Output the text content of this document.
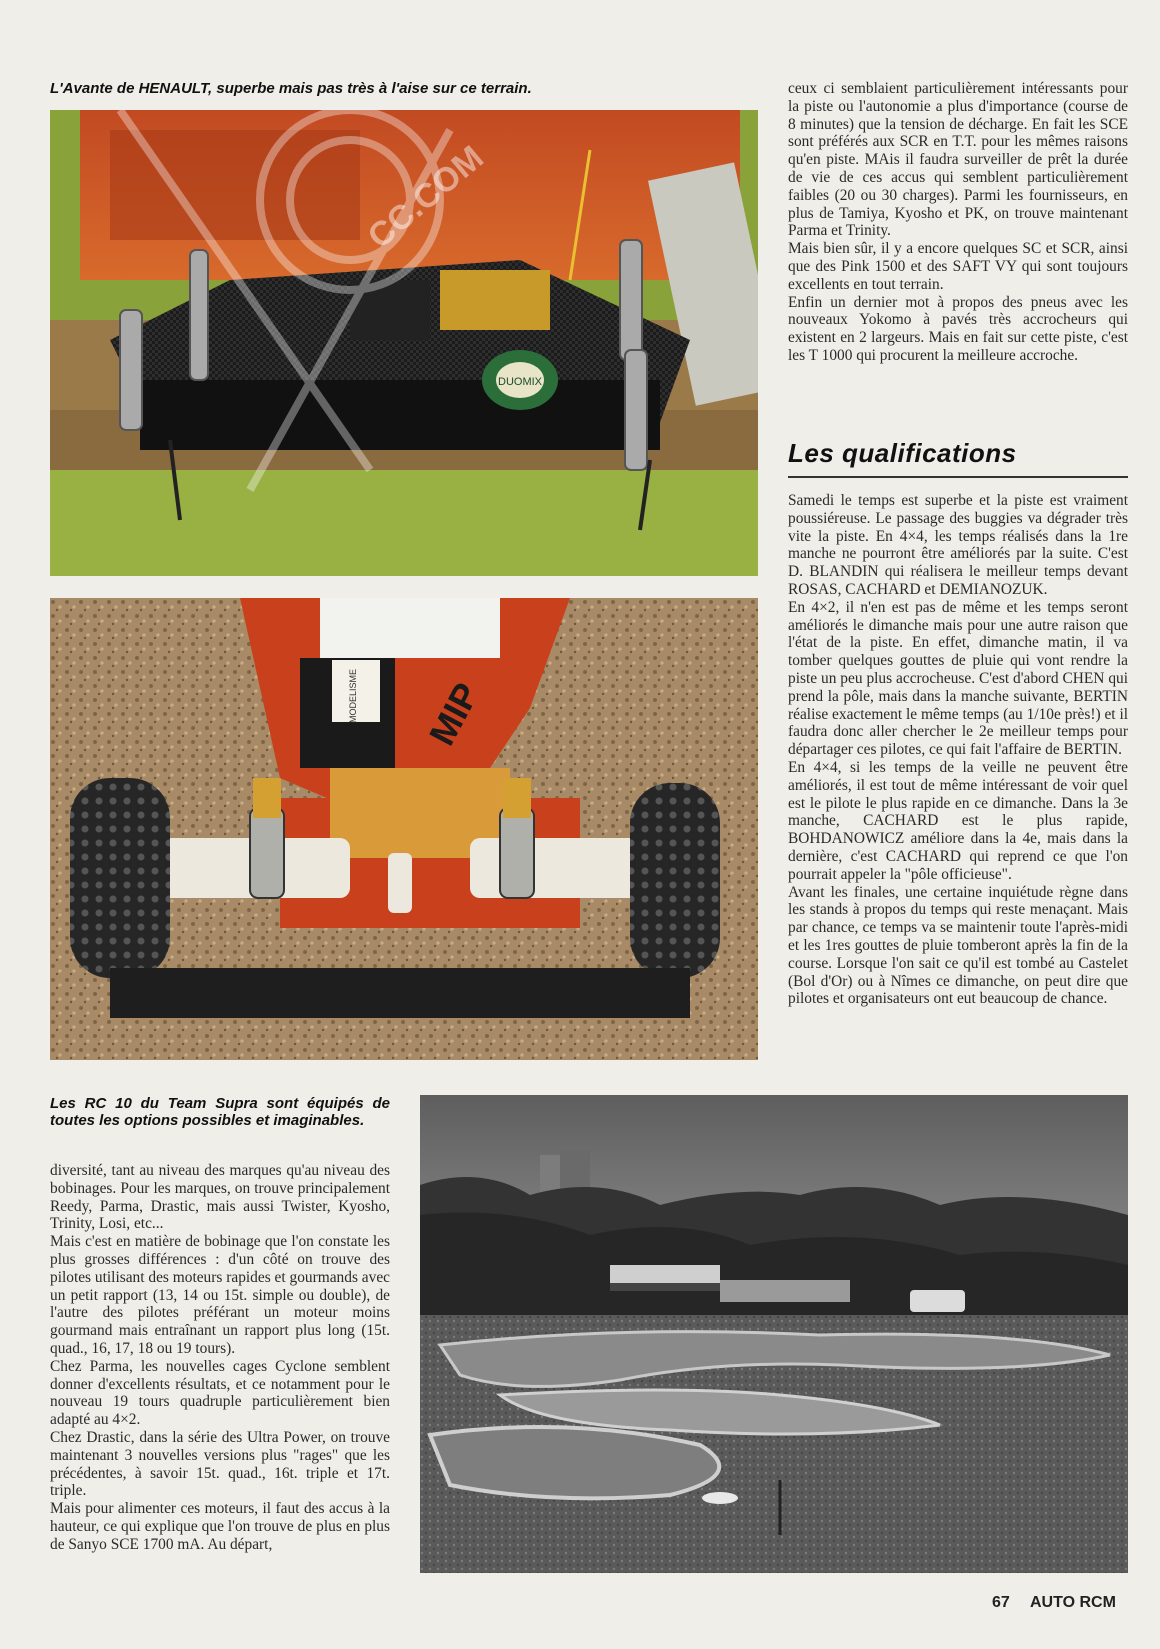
L'Avante de HENAULT, superbe mais pas très à l'aise sur ce terrain.
DUOMIX
CC.COM
MODELISME MIP

ceux ci semblaient particulièrement intéressants pour la piste ou l'autonomie a plus d'importance (course de 8 minutes) que la tension de décharge. En fait les SCE sont préférés aux SCR en T.T. pour les mêmes raisons qu'en piste. MAis il faudra surveiller de prêt la durée de vie de ces accus qui semblent particulièrement faibles (20 ou 30 charges). Parmi les fournisseurs, en plus de Tamiya, Kyosho et PK, on trouve maintenant Parma et Trinity.

Mais bien sûr, il y a encore quelques SC et SCR, ainsi que des Pink 1500 et des SAFT VY qui sont toujours excellents en tout terrain.

Enfin un dernier mot à propos des pneus avec les nouveaux Yokomo à pavés très accrocheurs qui existent en 2 largeurs. Mais en fait sur cette piste, c'est les T 1000 qui procurent la meilleure accroche.

Les qualifications

Samedi le temps est superbe et la piste est vraiment poussiéreuse. Le passage des buggies va dégrader très vite la piste. En 4×4, les temps réalisés dans la 1re manche ne pourront être améliorés par la suite. C'est D. BLANDIN qui réalisera le meilleur temps devant ROSAS, CACHARD et DEMIANOZUK.

En 4×2, il n'en est pas de même et les temps seront améliorés le dimanche mais pour une autre raison que l'état de la piste. En effet, dimanche matin, il va tomber quelques gouttes de pluie qui vont rendre la piste un peu plus accrocheuse. C'est d'abord CHEN qui prend la pôle, mais dans la manche suivante, BERTIN réalise exactement le même temps (au 1/10e près!) et il faudra donc aller chercher le 2e meilleur temps pour départager ces pilotes, ce qui fait l'affaire de BERTIN.

En 4×4, si les temps de la veille ne peuvent être améliorés, il est tout de même intéressant de voir quel est le pilote le plus rapide en ce dimanche. Dans la 3e manche, CACHARD est le plus rapide, BOHDANOWICZ améliore dans la 4e, mais dans la dernière, c'est CACHARD qui reprend ce que l'on pourrait appeler la "pôle officieuse".

Avant les finales, une certaine inquiétude règne dans les stands à propos du temps qui reste menaçant. Mais par chance, ce temps va se maintenir toute l'après-midi et les 1res gouttes de pluie tomberont après la fin de la course. Lorsque l'on sait ce qu'il est tombé au Castelet (Bol d'Or) ou à Nîmes ce dimanche, on peut dire que pilotes et organisateurs ont eut beaucoup de chance.

Les RC 10 du Team Supra sont équipés de toutes les options possibles et imaginables.

diversité, tant au niveau des marques qu'au niveau des bobinages. Pour les marques, on trouve principalement Reedy, Parma, Drastic, mais aussi Twister, Kyosho, Trinity, Losi, etc...

Mais c'est en matière de bobinage que l'on constate les plus grosses différences : d'un côté on trouve des pilotes utilisant des moteurs rapides et gourmands avec un petit rapport (13, 14 ou 15t. simple ou double), de l'autre des pilotes préférant un moteur moins gourmand mais entraînant un rapport plus long (15t. quad., 16, 17, 18 ou 19 tours).

Chez Parma, les nouvelles cages Cyclone semblent donner d'excellents résultats, et ce notamment pour le nouveau 19 tours quadruple particulièrement bien adapté au 4×2.

Chez Drastic, dans la série des Ultra Power, on trouve maintenant 3 nouvelles versions plus "rages" que les précédentes, à savoir 15t. quad., 16t. triple et 17t. triple.

Mais pour alimenter ces moteurs, il faut des accus à la hauteur, ce qui explique que l'on trouve de plus en plus de Sanyo SCE 1700 mA. Au départ,

67 AUTO RCM
